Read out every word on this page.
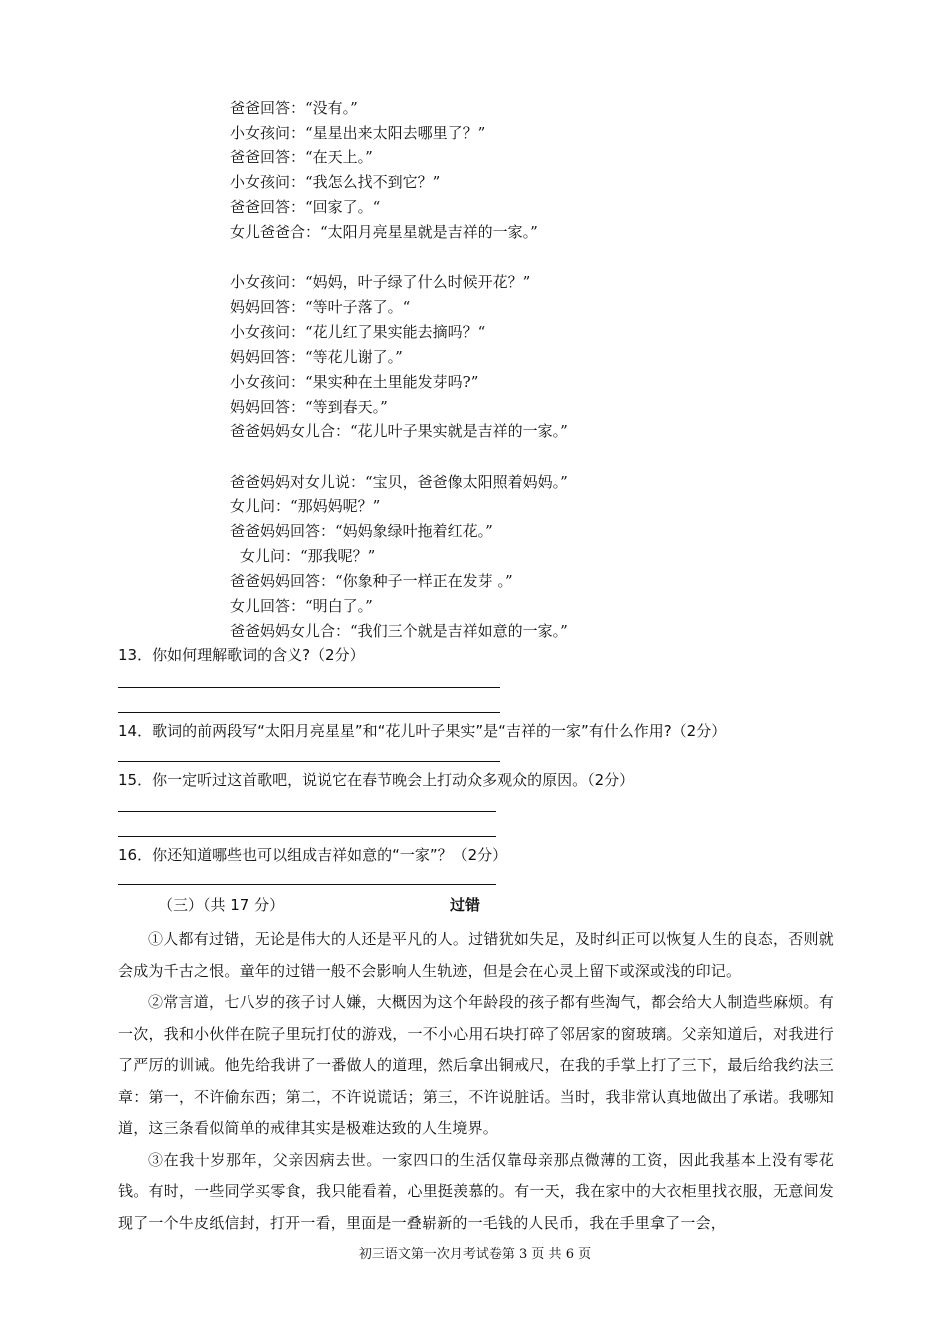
爸爸回答：“没有。”
小女孩问：“星星出来太阳去哪里了？”
爸爸回答：“在天上。”
小女孩问：“我怎么找不到它？”
爸爸回答：“回家了。“
女儿爸爸合：“太阳月亮星星就是吉祥的一家。”
小女孩问：“妈妈，叶子绿了什么时候开花？”
妈妈回答：“等叶子落了。“
小女孩问：“花儿红了果实能去摘吗？“
妈妈回答：“等花儿谢了。”
小女孩问：“果实种在土里能发芽吗?”
妈妈回答：“等到春天。”
爸爸妈妈女儿合：“花儿叶子果实就是吉祥的一家。”
爸爸妈妈对女儿说：“宝贝，爸爸像太阳照着妈妈。”
女儿问：“那妈妈呢？”
爸爸妈妈回答：“妈妈象绿叶拖着红花。”
女儿问：“那我呢？”
爸爸妈妈回答：“你象种子一样正在发芽 。”
女儿回答：“明白了。”
爸爸妈妈女儿合：“我们三个就是吉祥如意的一家。”
13．你如何理解歌词的含义?（2分）
14．歌词的前两段写“太阳月亮星星”和“花儿叶子果实”是“吉祥的一家”有什么作用?（2分）
15．你一定听过这首歌吧，说说它在春节晚会上打动众多观众的原因。（2分）
16．你还知道哪些也可以组成吉祥如意的“一家”？（2分）
（三）（共 17 分）	过错

①人都有过错，无论是伟大的人还是平凡的人。过错犹如失足，及时纠正可以恢复人生的良态，否则就会成为千古之恨。童年的过错一般不会影响人生轨迹，但是会在心灵上留下或深或浅的印记。

②常言道，七八岁的孩子讨人嫌，大概因为这个年龄段的孩子都有些淘气，都会给大人制造些麻烦。有一次，我和小伙伴在院子里玩打仗的游戏，一不小心用石块打碎了邻居家的窗玻璃。父亲知道后，对我进行了严厉的训诫。他先给我讲了一番做人的道理，然后拿出铜戒尺，在我的手掌上打了三下，最后给我约法三章：第一，不许偷东西；第二，不许说谎话；第三，不许说脏话。当时，我非常认真地做出了承诺。我哪知道，这三条看似简单的戒律其实是极难达致的人生境界。

③在我十岁那年，父亲因病去世。一家四口的生活仅靠母亲那点微薄的工资，因此我基本上没有零花钱。有时，一些同学买零食，我只能看着，心里挺羡慕的。有一天，我在家中的大衣柜里找衣服，无意间发现了一个牛皮纸信封，打开一看，里面是一叠崭新的一毛钱的人民币，我在手里拿了一会，

初三语文第一次月考试卷第 3 页 共 6 页
